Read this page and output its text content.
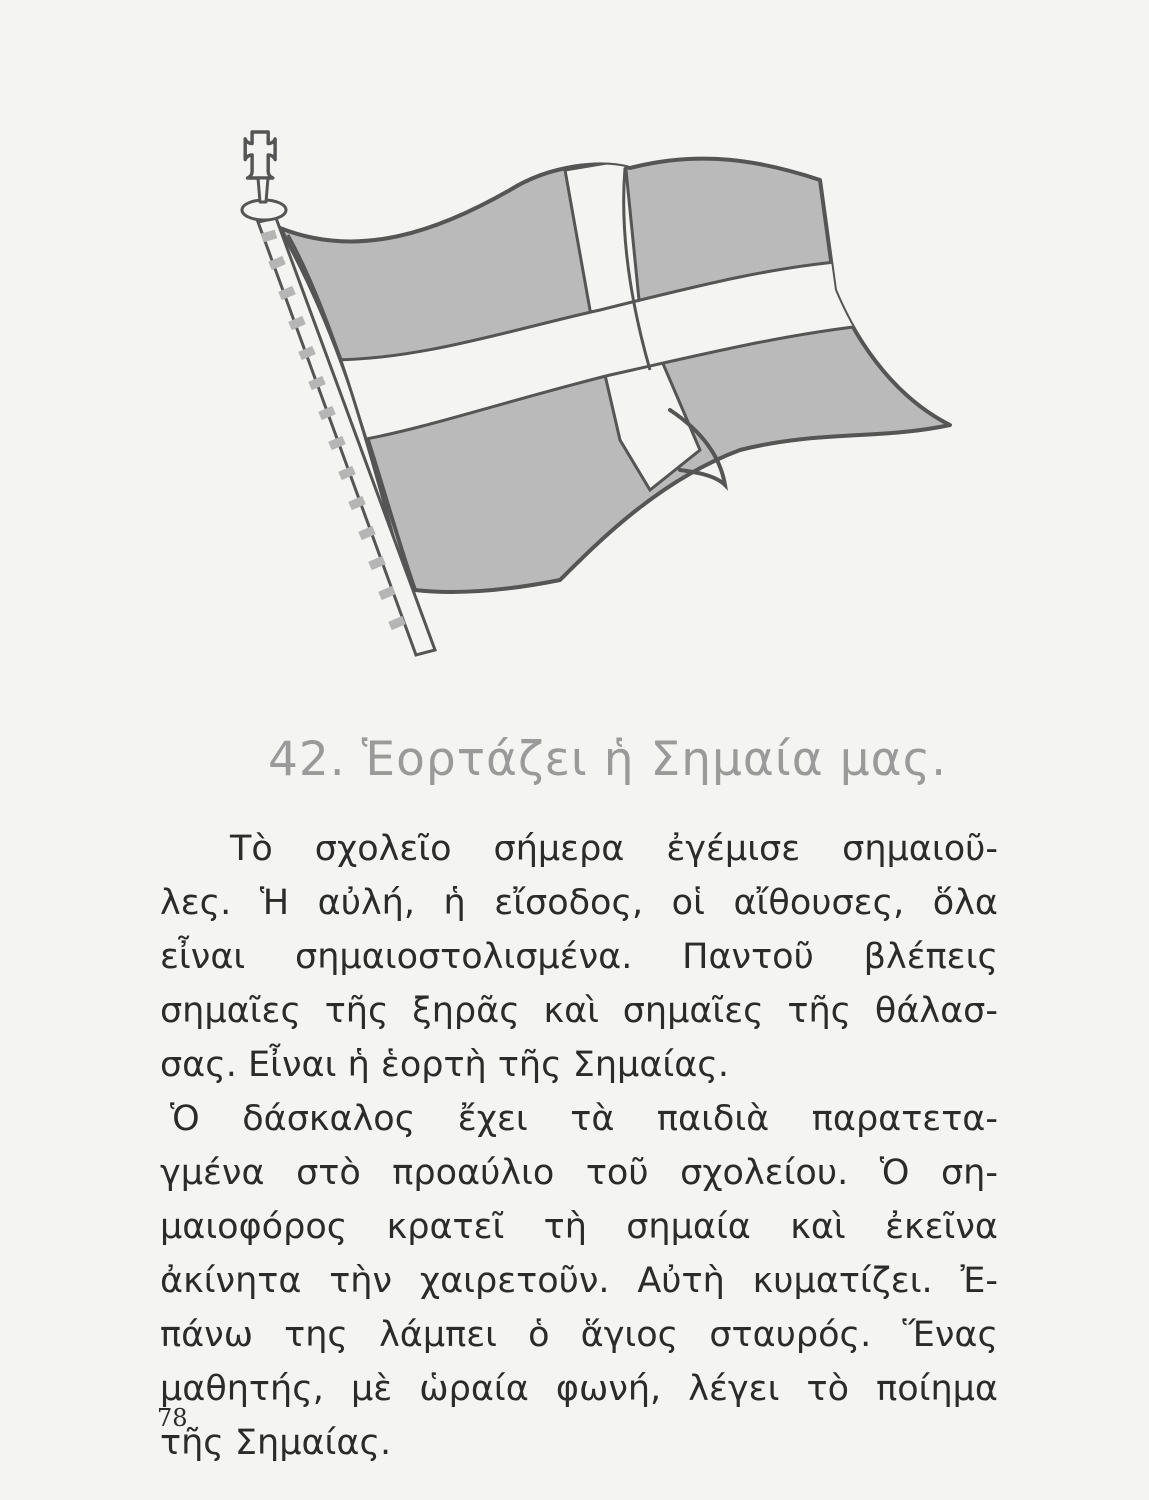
42. Ἑορτάζει ἡ Σημαία μας.
Τὸ σχολεῖο σήμερα ἐγέμισε σημαιοῦ-
λες. Ἡ αὐλή, ἡ εἴσοδος, οἱ αἴθουσες, ὅλα
εἶναι σημαιοστολισμένα. Παντοῦ βλέπεις
σημαῖες τῆς ξηρᾶς καὶ σημαῖες τῆς θάλασ-
σας. Εἶναι ἡ ἑορτὴ τῆς Σημαίας.
Ὁ δάσκαλος ἔχει τὰ παιδιὰ παρατετα-
γμένα στὸ προαύλιο τοῦ σχολείου. Ὁ ση-
μαιοφόρος κρατεῖ τὴ σημαία καὶ ἐκεῖνα
ἀκίνητα τὴν χαιρετοῦν. Αὐτὴ κυματίζει. Ἐ-
πάνω της λάμπει ὁ ἅγιος σταυρός. Ἕνας
μαθητής, μὲ ὡραία φωνή, λέγει τὸ ποίημα
τῆς Σημαίας.
78
